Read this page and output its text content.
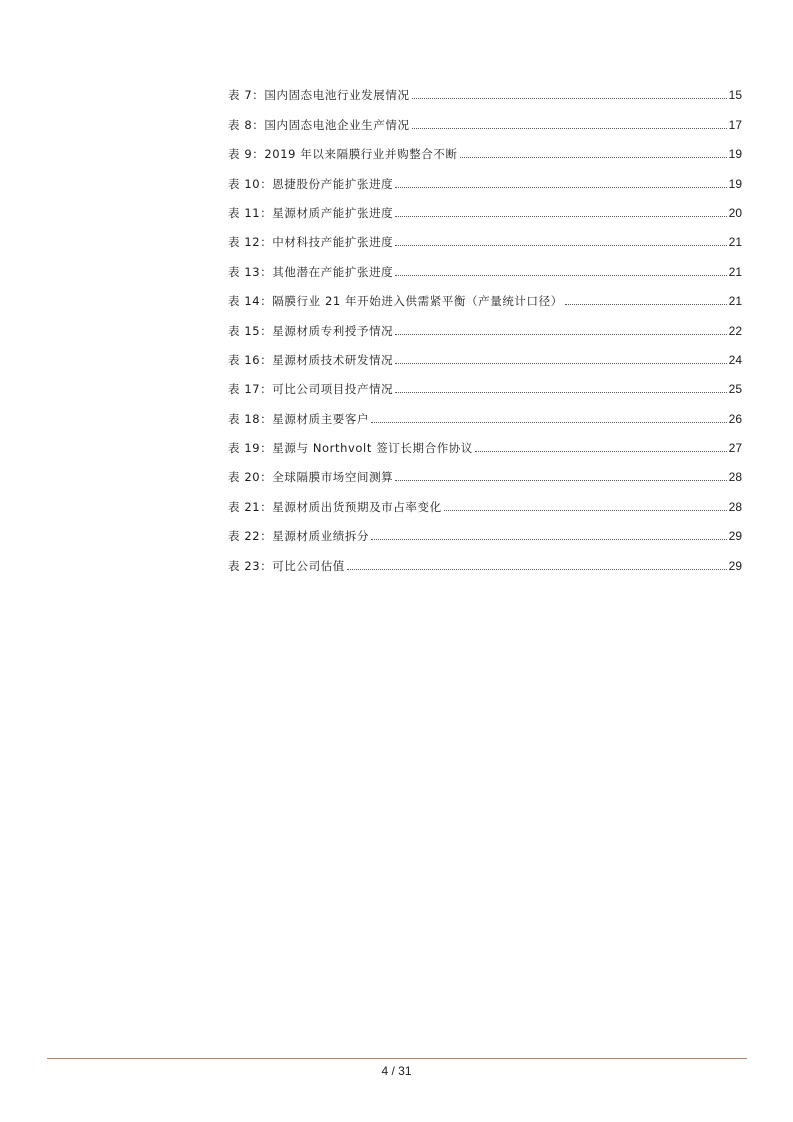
表 7：国内固态电池行业发展情况	15
表 8：国内固态电池企业生产情况	17
表 9：2019 年以来隔膜行业并购整合不断	19
表 10：恩捷股份产能扩张进度	19
表 11：星源材质产能扩张进度	20
表 12：中材科技产能扩张进度	21
表 13：其他潜在产能扩张进度	21
表 14：隔膜行业 21 年开始进入供需紧平衡（产量统计口径）	21
表 15：星源材质专利授予情况	22
表 16：星源材质技术研发情况	24
表 17：可比公司项目投产情况	25
表 18：星源材质主要客户	26
表 19：星源与 Northvolt 签订长期合作协议	27
表 20：全球隔膜市场空间测算	28
表 21：星源材质出货预期及市占率变化	28
表 22：星源材质业绩拆分	29
表 23：可比公司估值	29
4 / 31
